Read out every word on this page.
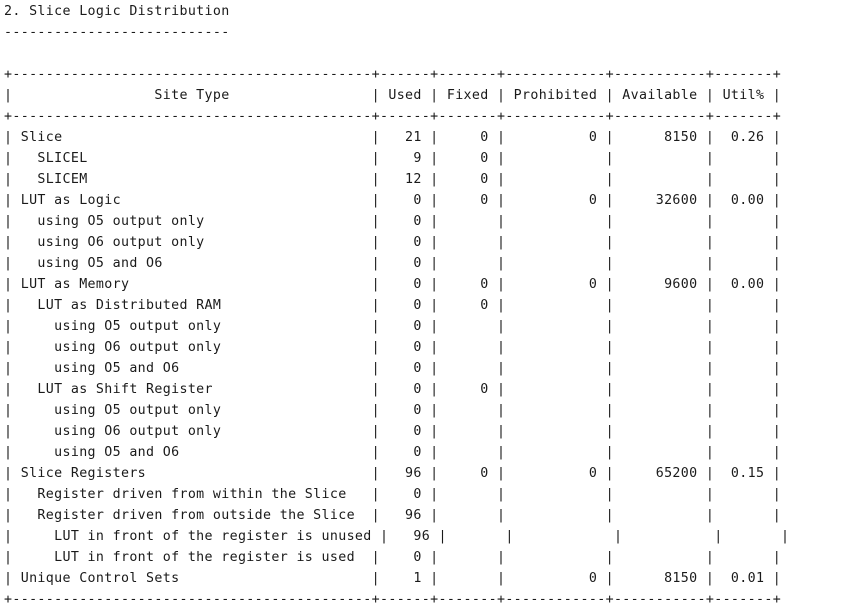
2. Slice Logic Distribution
---------------------------
+-------------------------------------------+------+-------+------------+-----------+-------+
|                 Site Type                 | Used | Fixed | Prohibited | Available | Util% |
+-------------------------------------------+------+-------+------------+-----------+-------+
| Slice                                     |   21 |     0 |          0 |      8150 |  0.26 |
|   SLICEL                                  |    9 |     0 |            |           |       |
|   SLICEM                                  |   12 |     0 |            |           |       |
| LUT as Logic                              |    0 |     0 |          0 |     32600 |  0.00 |
|   using O5 output only                    |    0 |       |            |           |       |
|   using O6 output only                    |    0 |       |            |           |       |
|   using O5 and O6                         |    0 |       |            |           |       |
| LUT as Memory                             |    0 |     0 |          0 |      9600 |  0.00 |
|   LUT as Distributed RAM                  |    0 |     0 |            |           |       |
|     using O5 output only                  |    0 |       |            |           |       |
|     using O6 output only                  |    0 |       |            |           |       |
|     using O5 and O6                       |    0 |       |            |           |       |
|   LUT as Shift Register                   |    0 |     0 |            |           |       |
|     using O5 output only                  |    0 |       |            |           |       |
|     using O6 output only                  |    0 |       |            |           |       |
|     using O5 and O6                       |    0 |       |            |           |       |
| Slice Registers                           |   96 |     0 |          0 |     65200 |  0.15 |
|   Register driven from within the Slice   |    0 |       |            |           |       |
|   Register driven from outside the Slice  |   96 |       |            |           |       |
|     LUT in front of the register is unused |   96 |       |            |           |       |
|     LUT in front of the register is used  |    0 |       |            |           |       |
| Unique Control Sets                       |    1 |       |          0 |      8150 |  0.01 |
+-------------------------------------------+------+-------+------------+-----------+-------+
